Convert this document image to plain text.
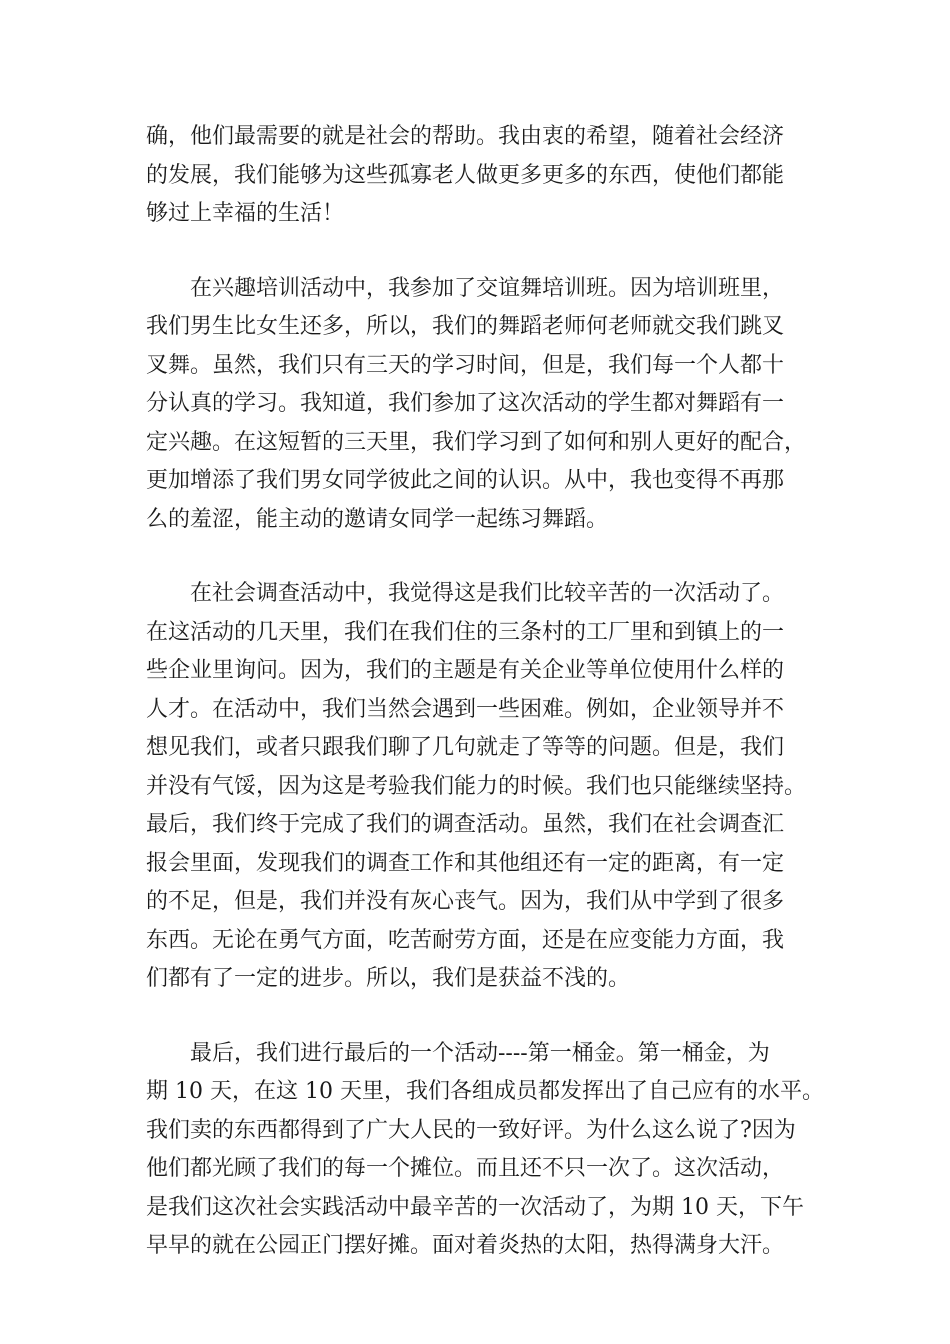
确，他们最需要的就是社会的帮助。我由衷的希望，随着社会经济
的发展，我们能够为这些孤寡老人做更多更多的东西，使他们都能
够过上幸福的生活！
在兴趣培训活动中，我参加了交谊舞培训班。因为培训班里，
我们男生比女生还多，所以，我们的舞蹈老师何老师就交我们跳叉
叉舞。虽然，我们只有三天的学习时间，但是，我们每一个人都十
分认真的学习。我知道，我们参加了这次活动的学生都对舞蹈有一
定兴趣。在这短暂的三天里，我们学习到了如何和别人更好的配合，
更加增添了我们男女同学彼此之间的认识。从中，我也变得不再那
么的羞涩，能主动的邀请女同学一起练习舞蹈。
在社会调查活动中，我觉得这是我们比较辛苦的一次活动了。
在这活动的几天里，我们在我们住的三条村的工厂里和到镇上的一
些企业里询问。因为，我们的主题是有关企业等单位使用什么样的
人才。在活动中，我们当然会遇到一些困难。例如，企业领导并不
想见我们，或者只跟我们聊了几句就走了等等的问题。但是，我们
并没有气馁，因为这是考验我们能力的时候。我们也只能继续坚持。
最后，我们终于完成了我们的调查活动。虽然，我们在社会调查汇
报会里面，发现我们的调查工作和其他组还有一定的距离，有一定
的不足，但是，我们并没有灰心丧气。因为，我们从中学到了很多
东西。无论在勇气方面，吃苦耐劳方面，还是在应变能力方面，我
们都有了一定的进步。所以，我们是获益不浅的。
最后，我们进行最后的一个活动----第一桶金。第一桶金，为
期 10 天，在这 10 天里，我们各组成员都发挥出了自己应有的水平。
我们卖的东西都得到了广大人民的一致好评。为什么这么说了?因为
他们都光顾了我们的每一个摊位。而且还不只一次了。这次活动，
是我们这次社会实践活动中最辛苦的一次活动了，为期 10 天，下午
早早的就在公园正门摆好摊。面对着炎热的太阳，热得满身大汗。
